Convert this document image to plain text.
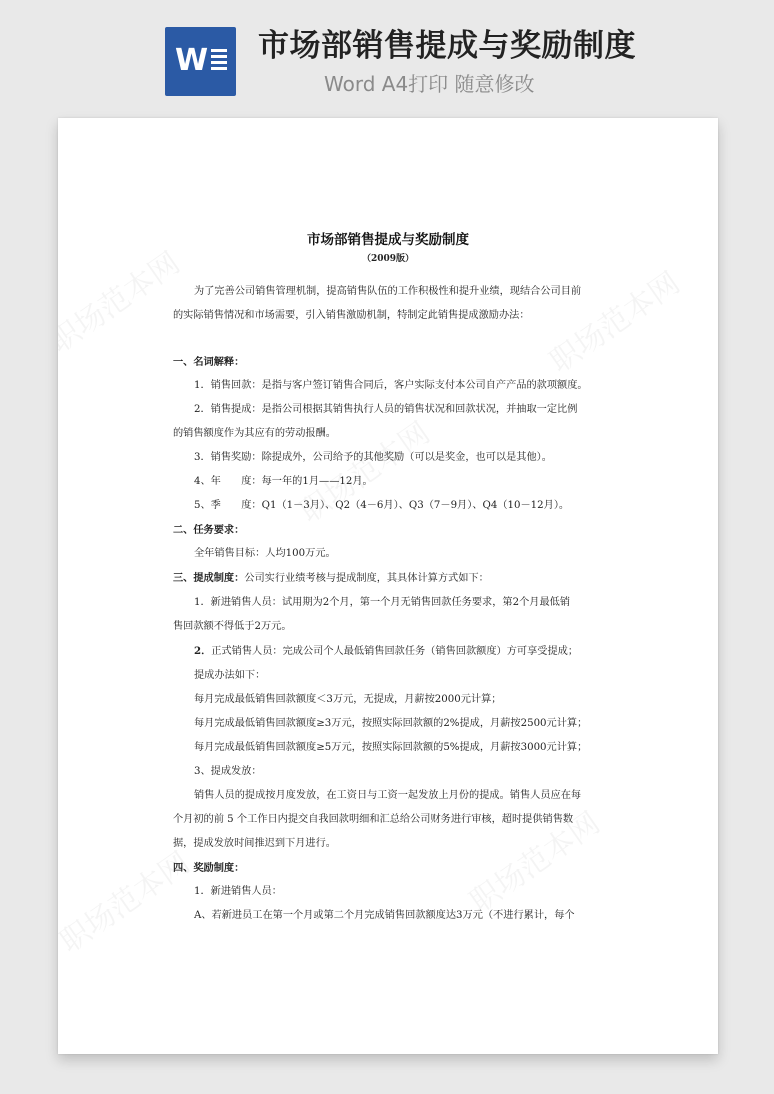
W 市场部销售提成与奖励制度
Word A4打印 随意修改

市场部销售提成与奖励制度

（2009版）

为了完善公司销售管理机制，提高销售队伍的工作积极性和提升业绩，现结合公司目前

的实际销售情况和市场需要，引入销售激励机制，特制定此销售提成激励办法：

一、名词解释：

1．销售回款：是指与客户签订销售合同后，客户实际支付本公司自产产品的款项额度。

2．销售提成：是指公司根据其销售执行人员的销售状况和回款状况，并抽取一定比例

的销售额度作为其应有的劳动报酬。

3．销售奖励：除提成外，公司给予的其他奖励（可以是奖金，也可以是其他）。

4、年　　度：每一年的1月——12月。

5、季　　度：Q1（1－3月）、Q2（4－6月）、Q3（7－9月）、Q4（10－12月）。

二、任务要求：

全年销售目标：人均100万元。

三、提成制度：公司实行业绩考核与提成制度，其具体计算方式如下：

1．新进销售人员：试用期为2个月，第一个月无销售回款任务要求，第2个月最低销

售回款额不得低于2万元。

2．正式销售人员：完成公司个人最低销售回款任务（销售回款额度）方可享受提成；

提成办法如下：

每月完成最低销售回款额度＜3万元，无提成，月薪按2000元计算；

每月完成最低销售回款额度≥3万元，按照实际回款额的2%提成，月薪按2500元计算；

每月完成最低销售回款额度≥5万元，按照实际回款额的5%提成，月薪按3000元计算；

3、提成发放：

销售人员的提成按月度发放，在工资日与工资一起发放上月份的提成。销售人员应在每

个月初的前 5 个工作日内提交自我回款明细和汇总给公司财务进行审核，超时提供销售数

据，提成发放时间推迟到下月进行。

四、奖励制度：

1．新进销售人员：

A、若新进员工在第一个月或第二个月完成销售回款额度达3万元（不进行累计，每个
